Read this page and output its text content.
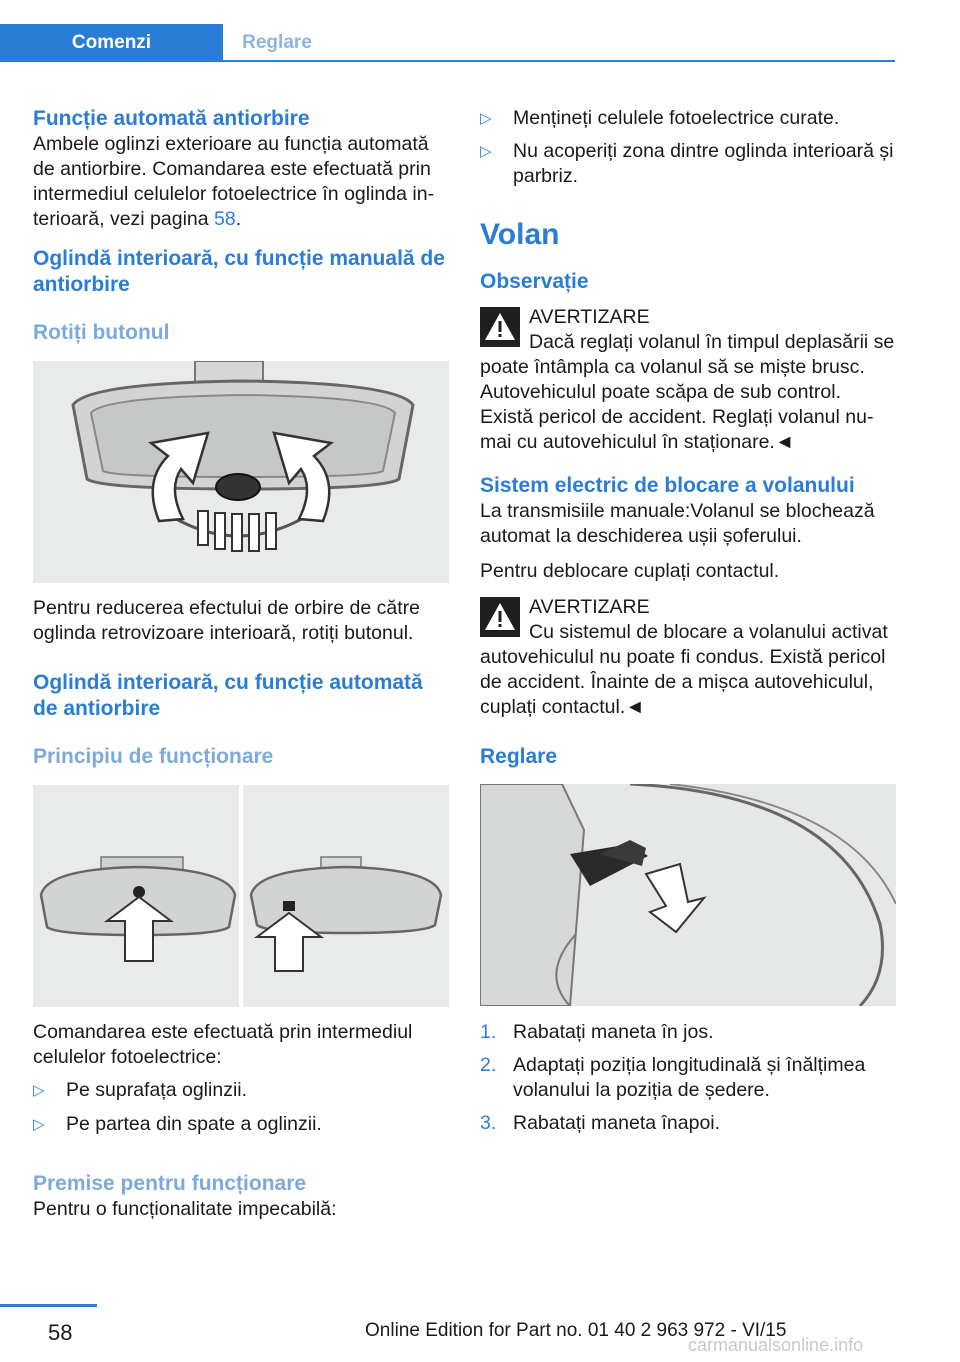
Comenzi	Reglare
Funcție automată antiorbire

Ambele oglinzi exterioare au funcția automată de antiorbire. Comandarea este efectuată prin intermediul celulelor fotoelectrice în oglinda interioară, vezi pagina 58.

Oglindă interioară, cu funcție manuală de antiorbire
Rotiți butonul

Pentru reducerea efectului de orbire de către oglinda retrovizoare interioară, rotiți butonul.

Oglindă interioară, cu funcție automată de antiorbire
Principiu de funcționare

Comandarea este efectuată prin intermediul celulelor fotoelectrice:

▷ Pe suprafața oglinzii.
▷ Pe partea din spate a oglinzii.
Premise pentru funcționare

Pentru o funcționalitate impecabilă:

▷ Mențineți celulele fotoelectrice curate.
▷ Nu acoperiți zona dintre oglinda interioară și parbriz.
Volan
Observație

AVERTIZARE

Dacă reglați volanul în timpul deplasării se poate întâmpla ca volanul să se miște brusc. Autovehiculul poate scăpa de sub control. Există pericol de accident. Reglați volanul numai cu autovehiculul în staționare.◄

Sistem electric de blocare a volanului

La transmisiile manuale:Volanul se blochează automat la deschiderea ușii șoferului.

Pentru deblocare cuplați contactul.

AVERTIZARE

Cu sistemul de blocare a volanului activat autovehiculul nu poate fi condus. Există pericol de accident. Înainte de a mișca autovehiculul, cuplați contactul.◄

Reglare
1. Rabatați maneta în jos.
2. Adaptați poziția longitudinală și înălțimea volanului la poziția de ședere.
3. Rabatați maneta înapoi.
58	Online Edition for Part no. 01 40 2 963 972 - VI/15
carmanualsonline.info
